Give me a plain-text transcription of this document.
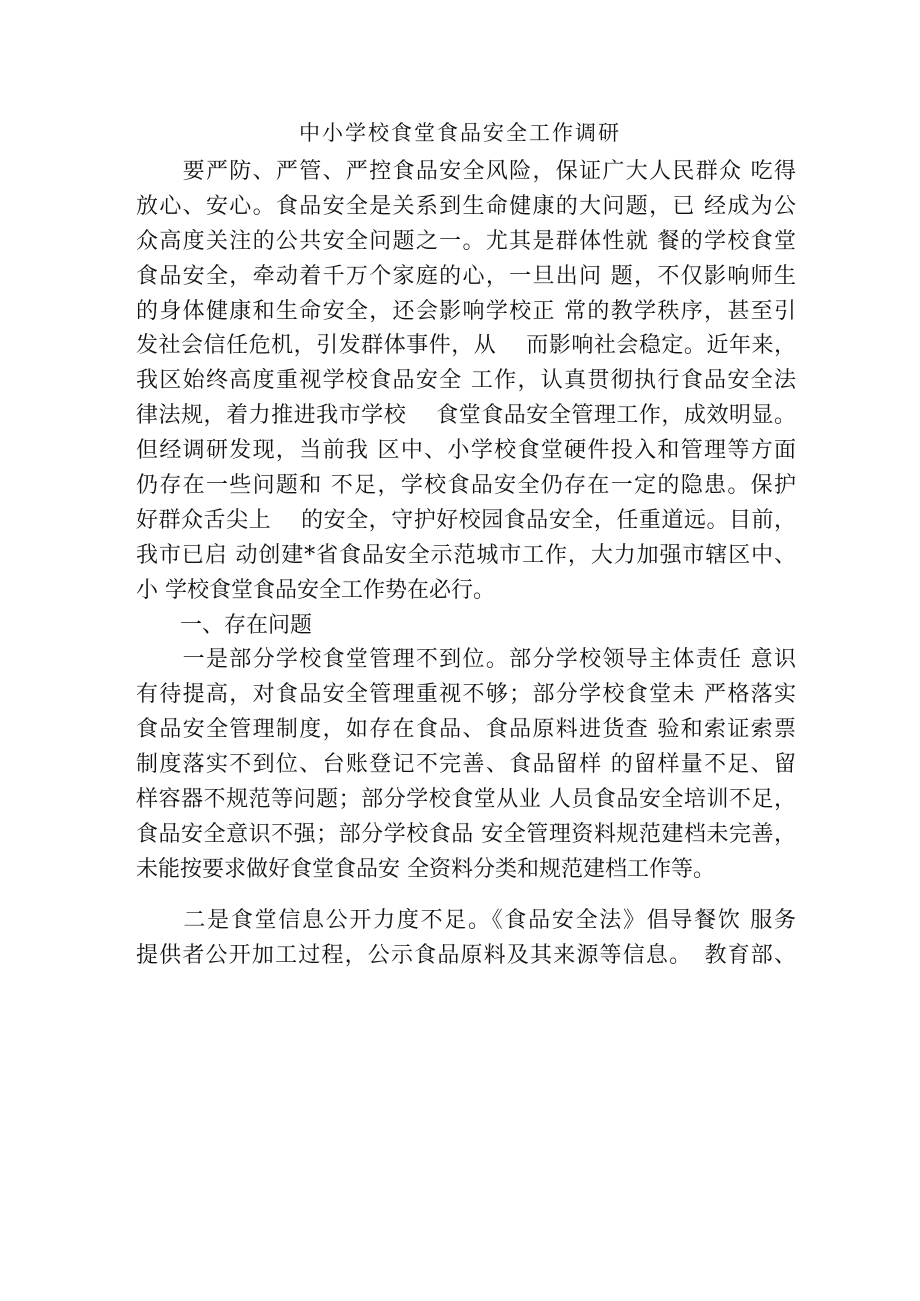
中小学校食堂食品安全工作调研
　　要严防、严管、严控食品安全风险，保证广大人民群众 吃得
放心、安心。食品安全是关系到生命健康的大问题，已 经成为公
众高度关注的公共安全问题之一。尤其是群体性就 餐的学校食堂
食品安全，牵动着千万个家庭的心，一旦出问 题，不仅影响师生
的身体健康和生命安全，还会影响学校正 常的教学秩序，甚至引
发社会信任危机，引发群体事件，从　 而影响社会稳定。近年来，
我区始终高度重视学校食品安全 工作，认真贯彻执行食品安全法
律法规，着力推进我市学校　 食堂食品安全管理工作，成效明显。
但经调研发现，当前我 区中、小学校食堂硬件投入和管理等方面
仍存在一些问题和 不足，学校食品安全仍存在一定的隐患。保护
好群众舌尖上　 的安全，守护好校园食品安全，任重道远。目前，
我市已启 动创建*省食品安全示范城市工作，大力加强市辖区中、
小 学校食堂食品安全工作势在必行。
　　一、存在问题
　　一是部分学校食堂管理不到位。部分学校领导主体责任 意识
有待提高，对食品安全管理重视不够；部分学校食堂未 严格落实
食品安全管理制度，如存在食品、食品原料进货查 验和索证索票
制度落实不到位、台账登记不完善、食品留样 的留样量不足、留
样容器不规范等问题；部分学校食堂从业 人员食品安全培训不足，
食品安全意识不强；部分学校食品 安全管理资料规范建档未完善，
未能按要求做好食堂食品安 全资料分类和规范建档工作等。
　　二是食堂信息公开力度不足。《食品安全法》倡导餐饮 服务
提供者公开加工过程，公示食品原料及其来源等信息。　教育部、
